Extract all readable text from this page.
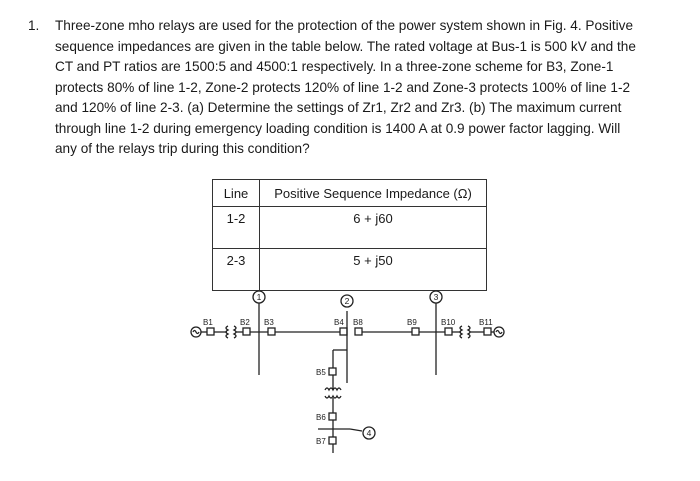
1. Three-zone mho relays are used for the protection of the power system shown in Fig. 4. Positive
sequence impedances are given in the table below. The rated voltage at Bus-1 is 500 kV and the
CT and PT ratios are 1500:5 and 4500:1 respectively. In a three-zone scheme for B3, Zone-1
protects 80% of line 1-2, Zone-2 protects 120% of line 1-2 and Zone-3 protects 100% of line 1-2
and 120% of line 2-3. (a) Determine the settings of Zr1, Zr2 and Zr3. (b) The maximum current
through line 1-2 during emergency loading condition is 1400 A at 0.9 power factor lagging. Will
any of the relays trip during this condition?
Line	Positive Sequence Impedance (Ω)
1-2	6 + j60
2-3	5 + j50
1	2	3
4
B1	B2 B3	B4
B5
B6
B7
B8	B9	B10	B11
